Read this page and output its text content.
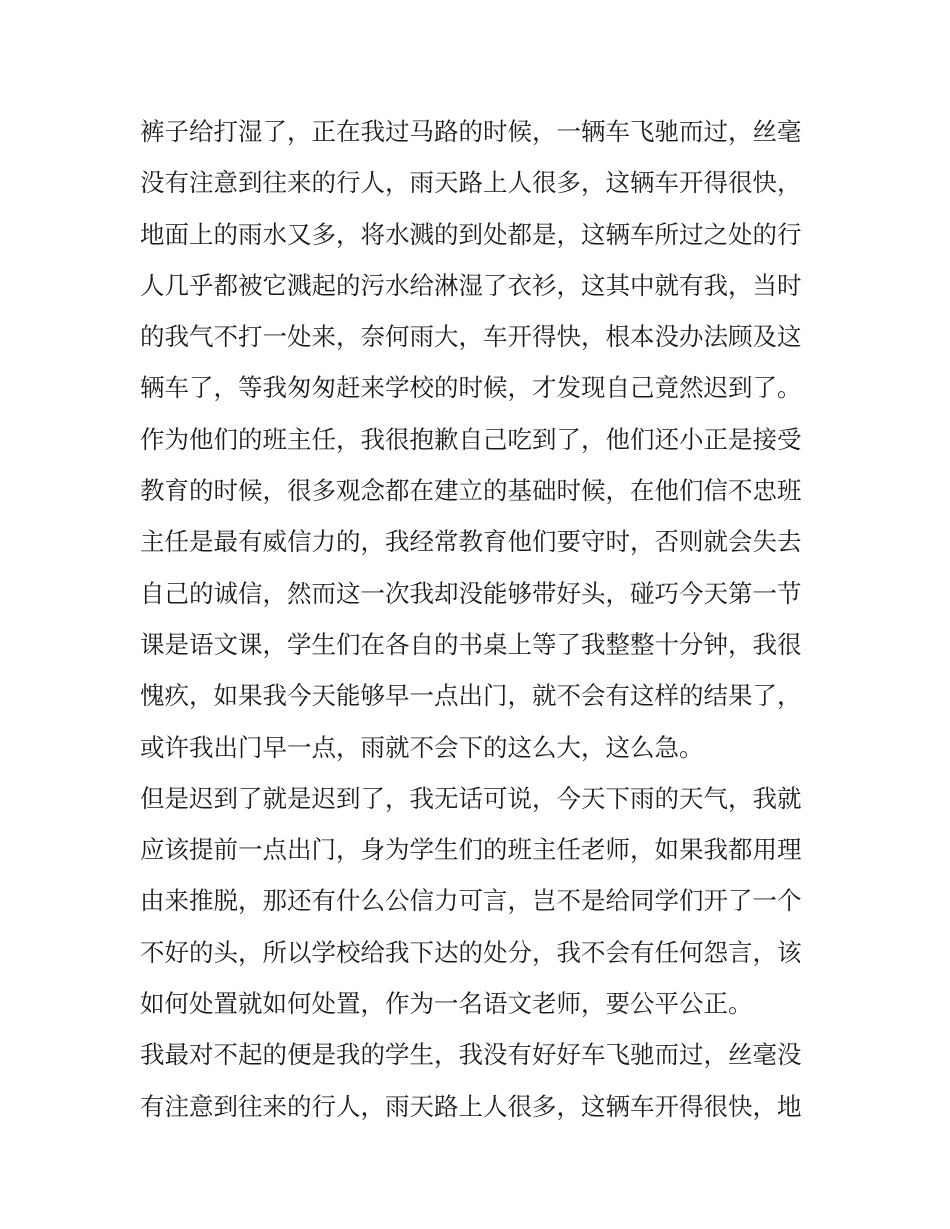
裤子给打湿了，正在我过马路的时候，一辆车飞驰而过，丝毫
没有注意到往来的行人，雨天路上人很多，这辆车开得很快，
地面上的雨水又多，将水溅的到处都是，这辆车所过之处的行
人几乎都被它溅起的污水给淋湿了衣衫，这其中就有我，当时
的我气不打一处来，奈何雨大，车开得快，根本没办法顾及这
辆车了，等我匆匆赶来学校的时候，才发现自己竟然迟到了。
作为他们的班主任，我很抱歉自己吃到了，他们还小正是接受
教育的时候，很多观念都在建立的基础时候，在他们信不忠班
主任是最有威信力的，我经常教育他们要守时，否则就会失去
自己的诚信，然而这一次我却没能够带好头，碰巧今天第一节
课是语文课，学生们在各自的书桌上等了我整整十分钟，我很
愧疚，如果我今天能够早一点出门，就不会有这样的结果了，
或许我出门早一点，雨就不会下的这么大，这么急。
但是迟到了就是迟到了，我无话可说，今天下雨的天气，我就
应该提前一点出门，身为学生们的班主任老师，如果我都用理
由来推脱，那还有什么公信力可言，岂不是给同学们开了一个
不好的头，所以学校给我下达的处分，我不会有任何怨言，该
如何处置就如何处置，作为一名语文老师，要公平公正。
我最对不起的便是我的学生，我没有好好车飞驰而过，丝毫没
有注意到往来的行人，雨天路上人很多，这辆车开得很快，地
